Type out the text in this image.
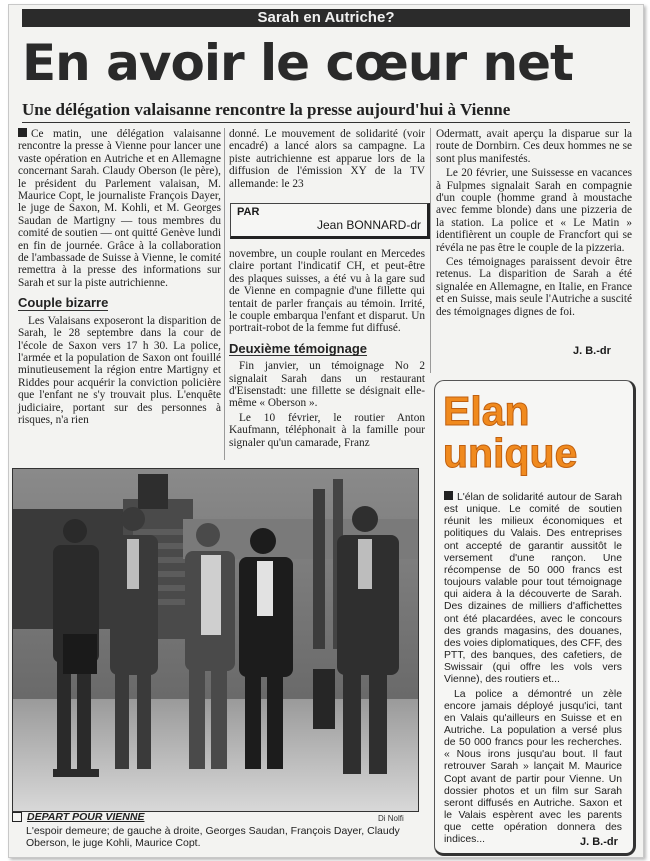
Sarah en Autriche?
En avoir le cœur net
Une délégation valaisanne rencontre la presse aujourd'hui à Vienne

Ce matin, une délégation valaisanne rencontre la presse à Vienne pour lancer une vaste opération en Autriche et en Allemagne concernant Sarah. Claudy Oberson (le père), le président du Parlement valaisan, M. Maurice Copt, le journaliste François Dayer, le juge de Saxon, M. Kohli, et M. Georges Saudan de Martigny — tous membres du comité de soutien — ont quitté Genève lundi en fin de journée. Grâce à la collaboration de l'ambassade de Suisse à Vienne, le comité remettra à la presse des informations sur Sarah et sur la piste autrichienne.

Couple bizarre

Les Valaisans exposeront la disparition de Sarah, le 28 septembre dans la cour de l'école de Saxon vers 17 h 30. La police, l'armée et la population de Saxon ont fouillé minutieusement la région entre Martigny et Riddes pour acquérir la conviction policière que l'enfant ne s'y trouvait plus. L'enquête judiciaire, portant sur des personnes à risques, n'a rien

donné. Le mouvement de solidarité (voir encadré) a lancé alors sa campagne. La piste autrichienne est apparue lors de la diffusion de l'émission XY de la TV allemande: le 23

PAR
Jean BONNARD-dr

novembre, un couple roulant en Mercedes claire portant l'indicatif CH, et peut-être des plaques suisses, a été vu à la gare sud de Vienne en compagnie d'une fillette qui tentait de parler français au témoin. Irrité, le couple embarqua l'enfant et disparut. Un portrait-robot de la femme fut diffusé.

Deuxième témoignage

Fin janvier, un témoignage No 2 signalait Sarah dans un restaurant d'Eisenstadt: une fillette se désignait elle-même « Oberson ».

Le 10 février, le routier Anton Kaufmann, téléphonait à la famille pour signaler qu'un camarade, Franz

Odermatt, avait aperçu la disparue sur la route de Dornbirn. Ces deux hommes ne se sont plus manifestés.

Le 20 février, une Suissesse en vacances à Fulpmes signalait Sarah en compagnie d'un couple (homme grand à moustache avec femme blonde) dans une pizzeria de la station. La police et « Le Matin » identifièrent un couple de Francfort qui se révéla ne pas être le couple de la pizzeria.

Ces témoignages paraissent devoir être retenus. La disparition de Sarah a été signalée en Allemagne, en Italie, en France et en Suisse, mais seule l'Autriche a suscité des témoignages dignes de foi.

J. B.-dr
Di Nolfi
DEPART POUR VIENNE
L'espoir demeure; de gauche à droite, Georges Saudan, François Dayer, Claudy Oberson, le juge Kohli, Maurice Copt.
Elan
unique

L'élan de solidarité autour de Sarah est unique. Le comité de soutien réunit les milieux économiques et politiques du Valais. Des entreprises ont accepté de garantir aussitôt le versement d'une rançon. Une récompense de 50 000 francs est toujours valable pour tout témoignage qui aidera à la découverte de Sarah. Des dizaines de milliers d'affichettes ont été placardées, avec le concours des grands magasins, des douanes, des voies diplomatiques, des CFF, des PTT, des banques, des cafetiers, de Swissair (qui offre les vols vers Vienne), des routiers et...

La police a démontré un zèle encore jamais déployé jusqu'ici, tant en Valais qu'ailleurs en Suisse et en Autriche. La population a versé plus de 50 000 francs pour les recherches. « Nous irons jusqu'au bout. Il faut retrouver Sarah » lançait M. Maurice Copt avant de partir pour Vienne. Un dossier photos et un film sur Sarah seront diffusés en Autriche. Saxon et le Valais espèrent avec les parents que cette opération donnera des indices...	J. B.-dr
